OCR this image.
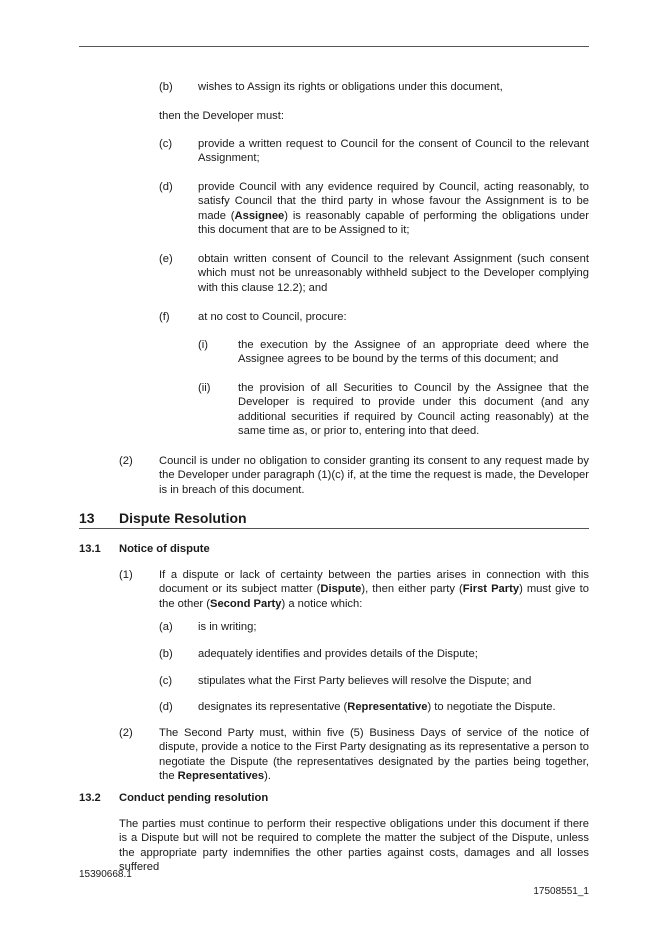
(b) wishes to Assign its rights or obligations under this document,
then the Developer must:
(c) provide a written request to Council for the consent of Council to the relevant Assignment;
(d) provide Council with any evidence required by Council, acting reasonably, to satisfy Council that the third party in whose favour the Assignment is to be made (Assignee) is reasonably capable of performing the obligations under this document that are to be Assigned to it;
(e) obtain written consent of Council to the relevant Assignment (such consent which must not be unreasonably withheld subject to the Developer complying with this clause 12.2); and
(f)	at no cost to Council, procure:
(i)	the execution by the Assignee of an appropriate deed where the Assignee agrees to be bound by the terms of this document; and
(ii) the provision of all Securities to Council by the Assignee that the Developer is required to provide under this document (and any additional securities if required by Council acting reasonably) at the same time as, or prior to, entering into that deed.
(2) Council is under no obligation to consider granting its consent to any request made by the Developer under paragraph (1)(c) if, at the time the request is made, the Developer is in breach of this document.
13 Dispute Resolution
13.1 Notice of dispute
(1) If a dispute or lack of certainty between the parties arises in connection with this document or its subject matter (Dispute), then either party (First Party) must give to the other (Second Party) a notice which:
(a) is in writing;
(b) adequately identifies and provides details of the Dispute;
(c) stipulates what the First Party believes will resolve the Dispute; and
(d) designates its representative (Representative) to negotiate the Dispute.
(2) The Second Party must, within five (5) Business Days of service of the notice of dispute, provide a notice to the First Party designating as its representative a person to negotiate the Dispute (the representatives designated by the parties being together, the Representatives).
13.2 Conduct pending resolution
The parties must continue to perform their respective obligations under this document if there is a Dispute but will not be required to complete the matter the subject of the Dispute, unless the appropriate party indemnifies the other parties against costs, damages and all losses suffered
15390668.1
17508551_1
